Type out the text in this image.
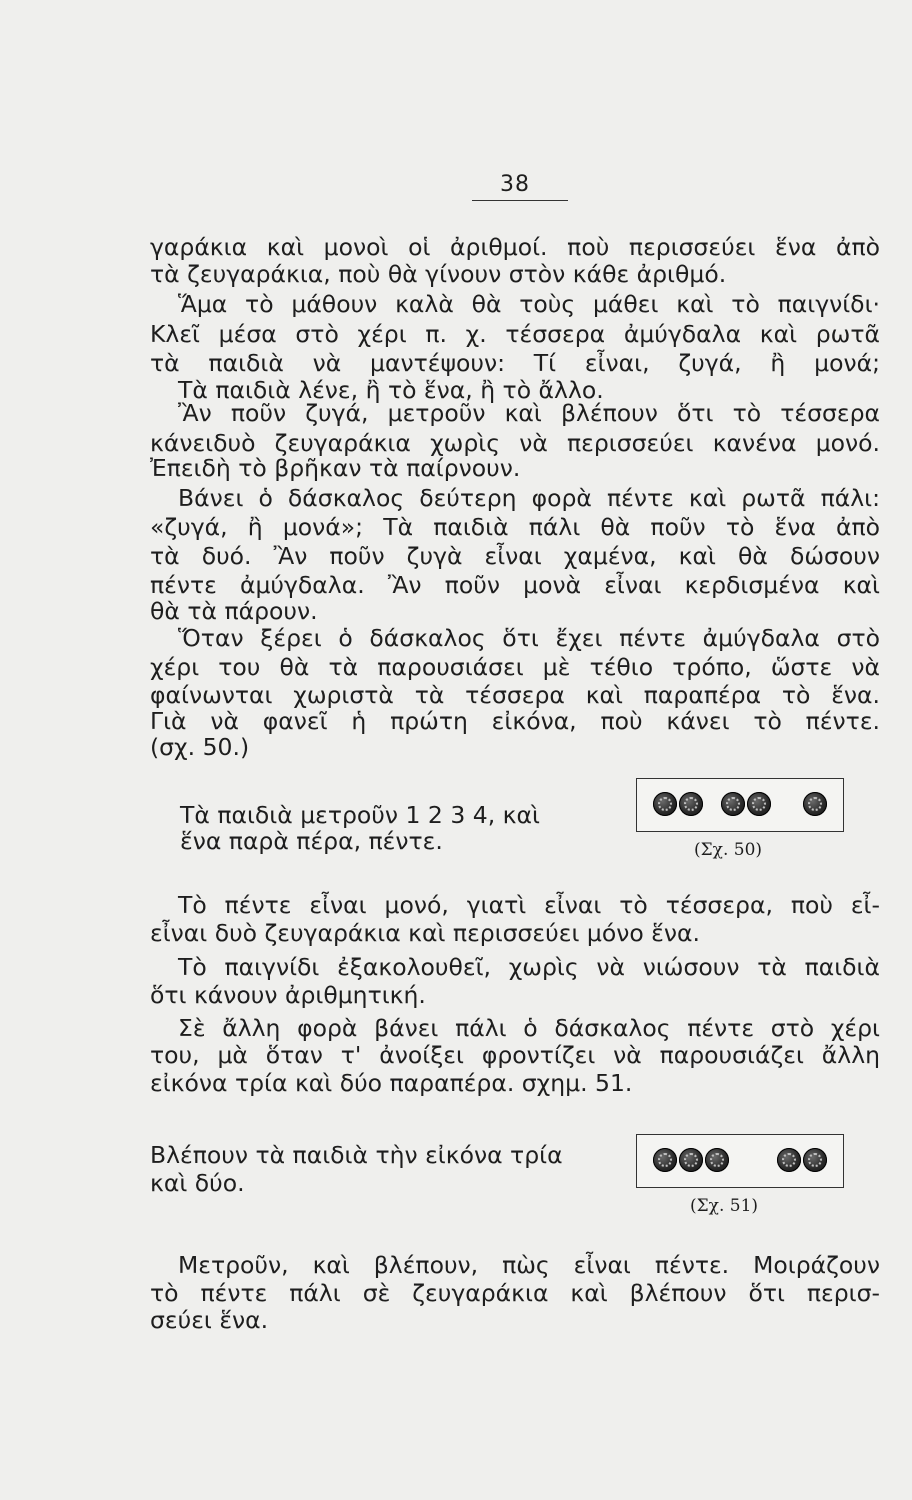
38
γαράκια καὶ μονοὶ οἱ ἀριθμοί. ποὺ περισσεύει ἕνα ἀπὸ
τὰ ζευγαράκια, ποὺ θὰ γίνουν στὸν κάθε ἀριθμό.
Ἅμα τὸ μάθουν καλὰ θὰ τοὺς μάθει καὶ τὸ παιγνίδι·
Κλεῖ μέσα στὸ χέρι π. χ. τέσσερα ἀμύγδαλα καὶ ρωτᾶ
τὰ παιδιὰ νὰ μαντέψουν: Τί εἶναι, ζυγά, ἢ μονά;
Τὰ παιδιὰ λένε, ἢ τὸ ἕνα, ἢ τὸ ἄλλο.
Ἂν ποῦν ζυγά, μετροῦν καὶ βλέπουν ὅτι τὸ τέσσερα
κάνειδυὸ ζευγαράκια χωρὶς νὰ περισσεύει κανένα μονό.
Ἐπειδὴ τὸ βρῆκαν τὰ παίρνουν.
Βάνει ὁ δάσκαλος δεύτερη φορὰ πέντε καὶ ρωτᾶ πάλι:
«ζυγά, ἢ μονά»; Τὰ παιδιὰ πάλι θὰ ποῦν τὸ ἕνα ἀπὸ
τὰ δυό. Ἂν ποῦν ζυγὰ εἶναι χαμένα, καὶ θὰ δώσουν
πέντε ἀμύγδαλα. Ἂν ποῦν μονὰ εἶναι κερδισμένα καὶ
θὰ τὰ πάρουν.
Ὅταν ξέρει ὁ δάσκαλος ὅτι ἔχει πέντε ἀμύγδαλα στὸ
χέρι του θὰ τὰ παρουσιάσει μὲ τέθιο τρόπο, ὥστε νὰ
φαίνωνται χωριστὰ τὰ τέσσερα καὶ παραπέρα τὸ ἕνα.
Γιὰ νὰ φανεῖ ἡ πρώτη εἰκόνα, ποὺ κάνει τὸ πέντε.
(σχ. 50.)
Τὰ παιδιὰ μετροῦν 1 2 3 4, καὶ
ἕνα παρὰ πέρα, πέντε.	(Σχ. 50)
Τὸ πέντε εἶναι μονό, γιατὶ εἶναι τὸ τέσσερα, ποὺ εἶ-
εἶναι δυὸ ζευγαράκια καὶ περισσεύει μόνο ἕνα.
Τὸ παιγνίδι ἐξακολουθεῖ, χωρὶς νὰ νιώσουν τὰ παιδιὰ
ὅτι κάνουν ἀριθμητική.
Σὲ ἄλλη φορὰ βάνει πάλι ὁ δάσκαλος πέντε στὸ χέρι
του, μὰ ὅταν τ' ἀνοίξει φροντίζει νὰ παρουσιάζει ἄλλη
εἰκόνα τρία καὶ δύο παραπέρα. σχημ. 51.
Βλέπουν τὰ παιδιὰ τὴν εἰκόνα τρία
καὶ δύο.
(Σχ. 51)
Μετροῦν, καὶ βλέπουν, πὼς εἶναι πέντε. Μοιράζουν
τὸ πέντε πάλι σὲ ζευγαράκια καὶ βλέπουν ὅτι περισ-
σεύει ἕνα.
